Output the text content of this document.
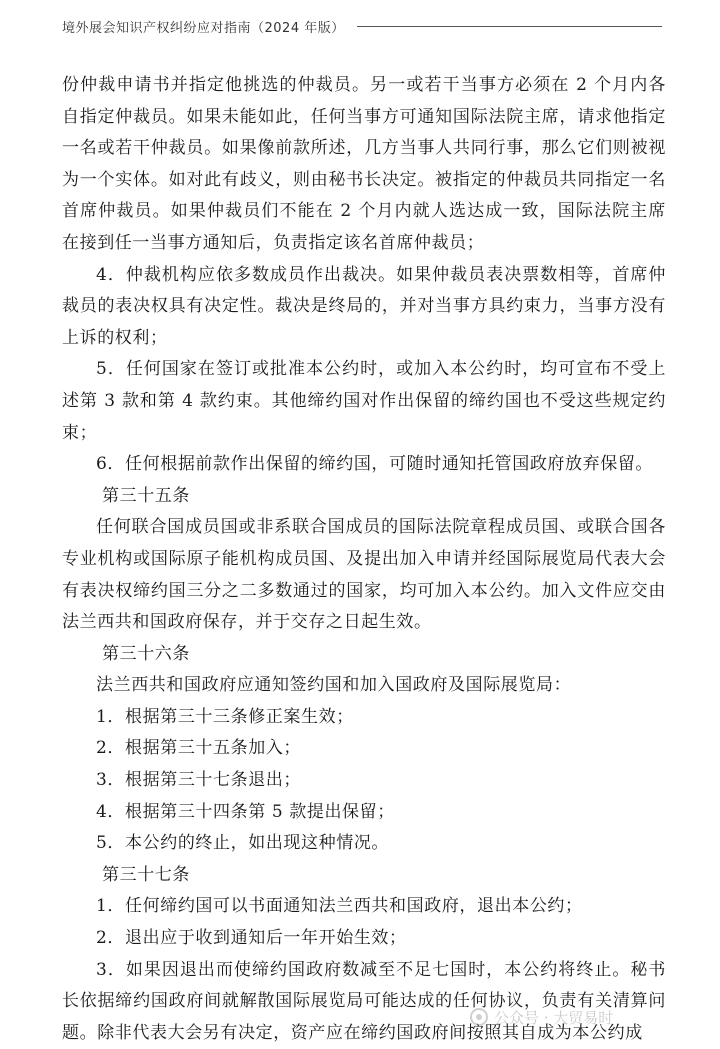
境外展会知识产权纠纷应对指南（2024 年版）

份仲裁申请书并指定他挑选的仲裁员。另一或若干当事方必须在 2 个月内各自指定仲裁员。如果未能如此，任何当事方可通知国际法院主席，请求他指定一名或若干仲裁员。如果像前款所述，几方当事人共同行事，那么它们则被视为一个实体。如对此有歧义，则由秘书长决定。被指定的仲裁员共同指定一名首席仲裁员。如果仲裁员们不能在 2 个月内就人选达成一致，国际法院主席在接到任一当事方通知后，负责指定该名首席仲裁员；

4．仲裁机构应依多数成员作出裁决。如果仲裁员表决票数相等，首席仲裁员的表决权具有决定性。裁决是终局的，并对当事方具约束力，当事方没有上诉的权利；

5．任何国家在签订或批准本公约时，或加入本公约时，均可宣布不受上述第 3 款和第 4 款约束。其他缔约国对作出保留的缔约国也不受这些规定约束；

6．任何根据前款作出保留的缔约国，可随时通知托管国政府放弃保留。

第三十五条

任何联合国成员国或非系联合国成员的国际法院章程成员国、或联合国各专业机构或国际原子能机构成员国、及提出加入申请并经国际展览局代表大会有表决权缔约国三分之二多数通过的国家，均可加入本公约。加入文件应交由法兰西共和国政府保存，并于交存之日起生效。

第三十六条

法兰西共和国政府应通知签约国和加入国政府及国际展览局：

1．根据第三十三条修正案生效；

2．根据第三十五条加入；

3．根据第三十七条退出；

4．根据第三十四条第 5 款提出保留；

5．本公约的终止，如出现这种情况。

第三十七条

1．任何缔约国可以书面通知法兰西共和国政府，退出本公约；

2．退出应于收到通知后一年开始生效；

3．如果因退出而使缔约国政府数减至不足七国时，本公约将终止。秘书长依据缔约国政府间就解散国际展览局可能达成的任何协议，负责有关清算问题。除非代表大会另有决定，资产应在缔约国政府间按照其自成为本公约成

公众号 · 大贸易时
